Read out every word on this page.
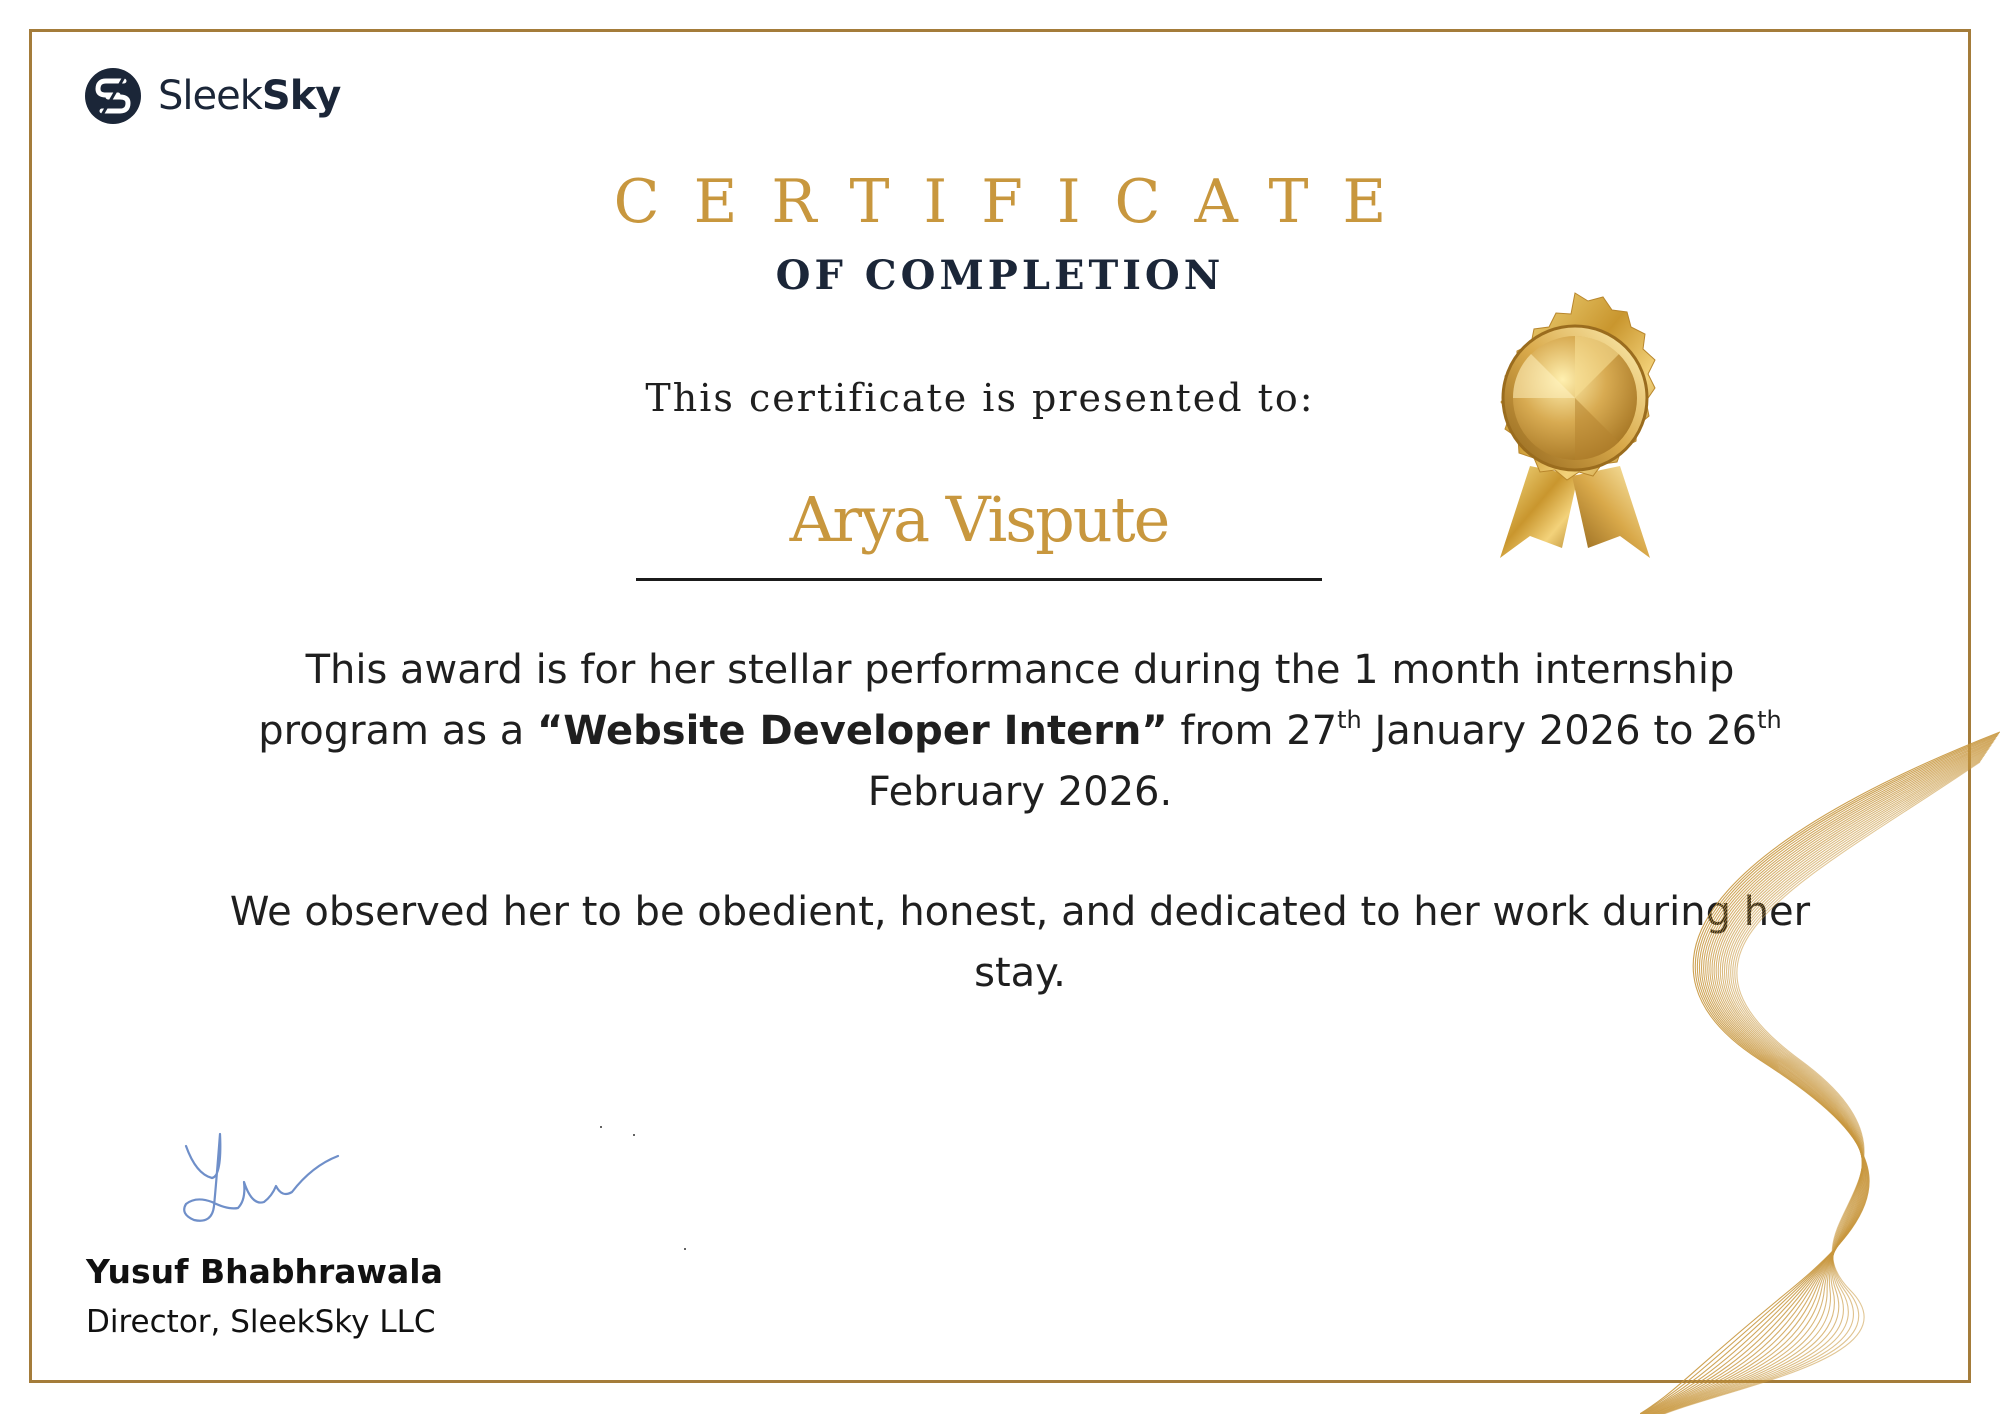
SleekSky
CERTIFICATE
OF COMPLETION
This certificate is presented to:
Arya Vispute
This award is for her stellar performance during the 1 month internship program as a “Website Developer Intern” from 27th January 2026 to 26th February 2026.
We observed her to be obedient, honest, and dedicated to her work during her stay.
Yusuf Bhabhrawala
Director, SleekSky LLC
